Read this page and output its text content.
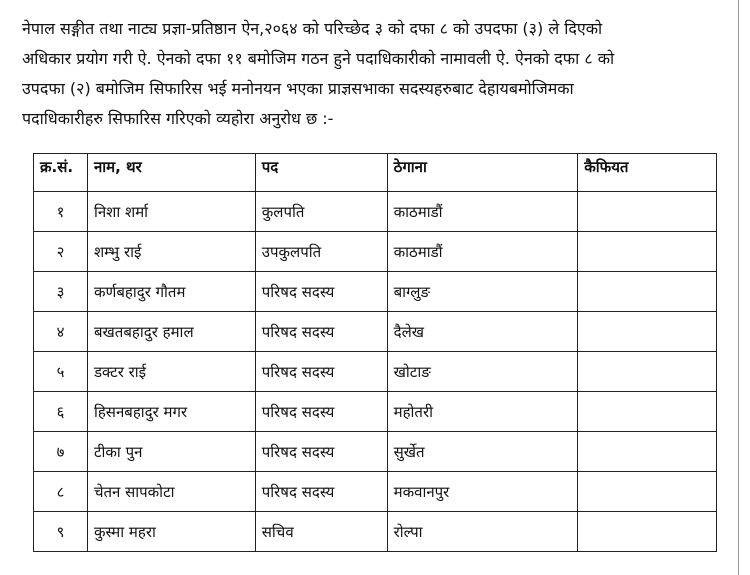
नेपाल सङ्गीत तथा नाट्य प्रज्ञा-प्रतिष्ठान ऐन,२०६४ को परिच्छेद ३ को दफा ८ को उपदफा (३) ले दिएको
अधिकार प्रयोग गरी ऐ. ऐनको दफा ११ बमोजिम गठन हुने पदाधिकारीको नामावली ऐ. ऐनको दफा ८ को
उपदफा (२) बमोजिम सिफारिस भई मनोनयन भएका प्राज्ञसभाका सदस्यहरुबाट देहायबमोजिमका
पदाधिकारीहरु सिफारिस गरिएको व्यहोरा अनुरोध छ :-

क्र.सं.	नाम, थर	पद	ठेगाना	कैफियत
१	निशा शर्मा	कुलपति	काठमाडौं	
२	शम्भु राई	उपकुलपति	काठमाडौं	
३	कर्णबहादुर गौतम	परिषद सदस्य	बाग्लुङ	
४	बखतबहादुर हमाल	परिषद सदस्य	दैलेख	
५	डक्टर राई	परिषद सदस्य	खोटाङ	
६	हिसनबहादुर मगर	परिषद सदस्य	महोतरी	
७	टीका पुन	परिषद सदस्य	सुर्खेत	
८	चेतन सापकोटा	परिषद सदस्य	मकवानपुर	
९	कुस्मा महरा	सचिव	रोल्पा	
